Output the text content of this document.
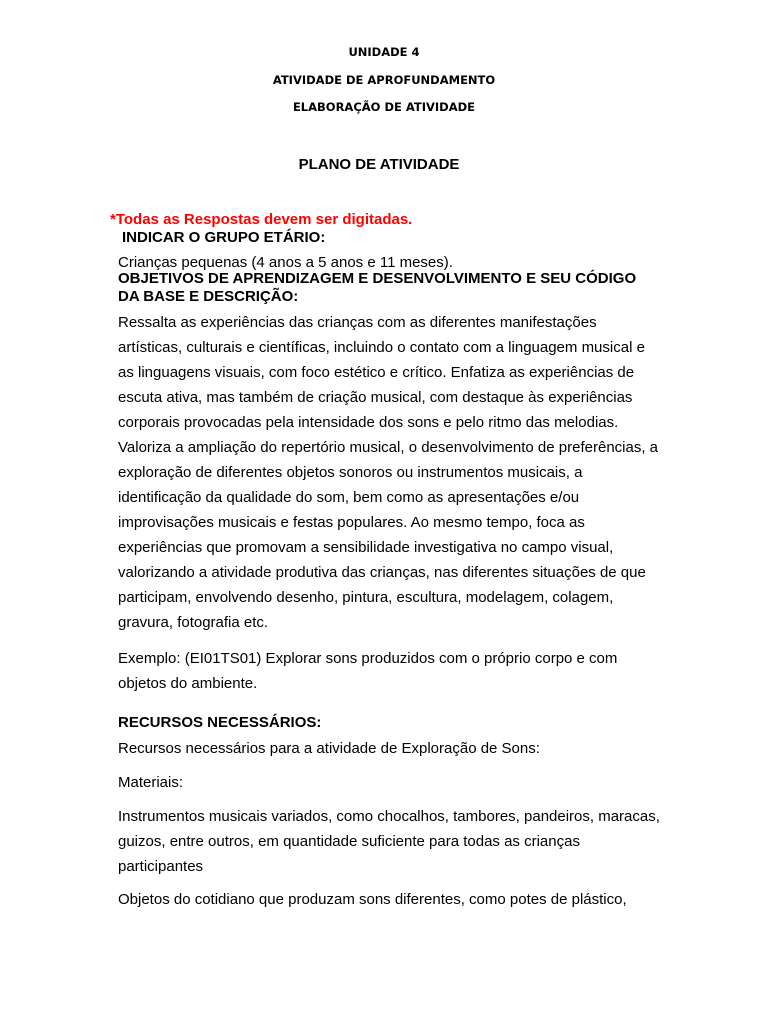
UNIDADE 4

ATIVIDADE DE APROFUNDAMENTO

ELABORAÇÃO DE ATIVIDADE

PLANO DE ATIVIDADE

*Todas as Respostas devem ser digitadas.

INDICAR O GRUPO ETÁRIO:

Crianças pequenas (4 anos a 5 anos e 11 meses).

OBJETIVOS DE APRENDIZAGEM E DESENVOLVIMENTO E SEU CÓDIGO

DA BASE E DESCRIÇÃO:

Ressalta as experiências das crianças com as diferentes manifestações
artísticas, culturais e científicas, incluindo o contato com a linguagem musical e
as linguagens visuais, com foco estético e crítico. Enfatiza as experiências de
escuta ativa, mas também de criação musical, com destaque às experiências
corporais provocadas pela intensidade dos sons e pelo ritmo das melodias.
Valoriza a ampliação do repertório musical, o desenvolvimento de preferências, a
exploração de diferentes objetos sonoros ou instrumentos musicais, a
identificação da qualidade do som, bem como as apresentações e/ou
improvisações musicais e festas populares. Ao mesmo tempo, foca as
experiências que promovam a sensibilidade investigativa no campo visual,
valorizando a atividade produtiva das crianças, nas diferentes situações de que
participam, envolvendo desenho, pintura, escultura, modelagem, colagem,
gravura, fotografia etc.
Exemplo: (EI01TS01) Explorar sons produzidos com o próprio corpo e com
objetos do ambiente.

RECURSOS NECESSÁRIOS:

Recursos necessários para a atividade de Exploração de Sons:

Materiais:

Instrumentos musicais variados, como chocalhos, tambores, pandeiros, maracas,
guizos, entre outros, em quantidade suficiente para todas as crianças
participantes
Objetos do cotidiano que produzam sons diferentes, como potes de plástico,
